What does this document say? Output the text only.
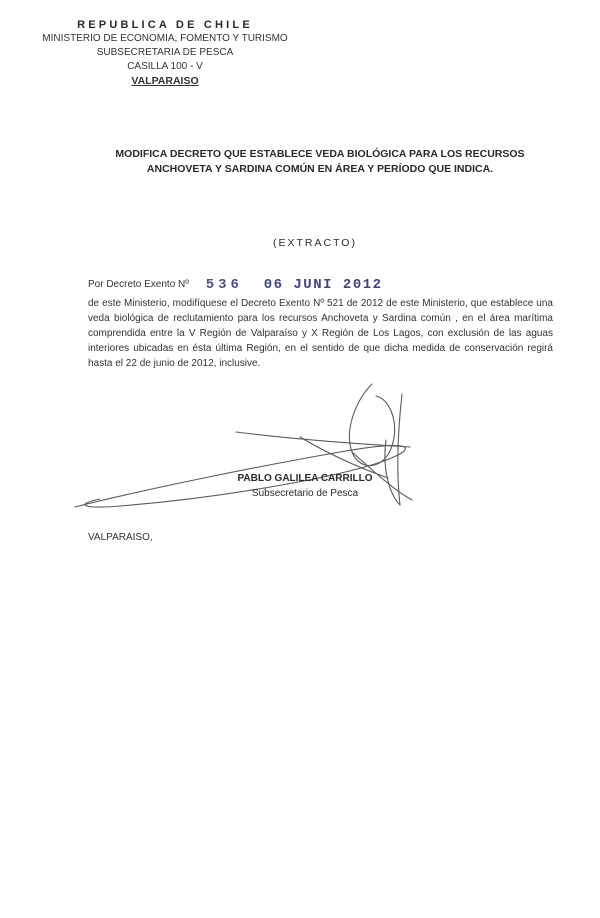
REPUBLICA DE CHILE
MINISTERIO DE ECONOMIA, FOMENTO Y TURISMO
SUBSECRETARIA DE PESCA
CASILLA 100 - V
VALPARAISO
MODIFICA DECRETO QUE ESTABLECE VEDA BIOLÓGICA PARA LOS RECURSOS ANCHOVETA Y SARDINA COMÚN EN ÁREA Y PERÍODO QUE INDICA.
(EXTRACTO)
Por Decreto Exento Nº 536 06 JUNI 2012
de este Ministerio, modifíquese el Decreto Exento Nº 521 de 2012 de este Ministerio, que establece una veda biológica de reclutamiento para los recursos Anchoveta y Sardina común , en el área marítima comprendida entre la V Región de Valparaíso y X Región de Los Lagos, con exclusión de las aguas interiores ubicadas en ésta última Región, en el sentido de que dicha medida de conservación regirá hasta el 22 de junio de 2012, inclusive.
PABLO GALILEA CARRILLO
Subsecretario de Pesca
VALPARAISO,
